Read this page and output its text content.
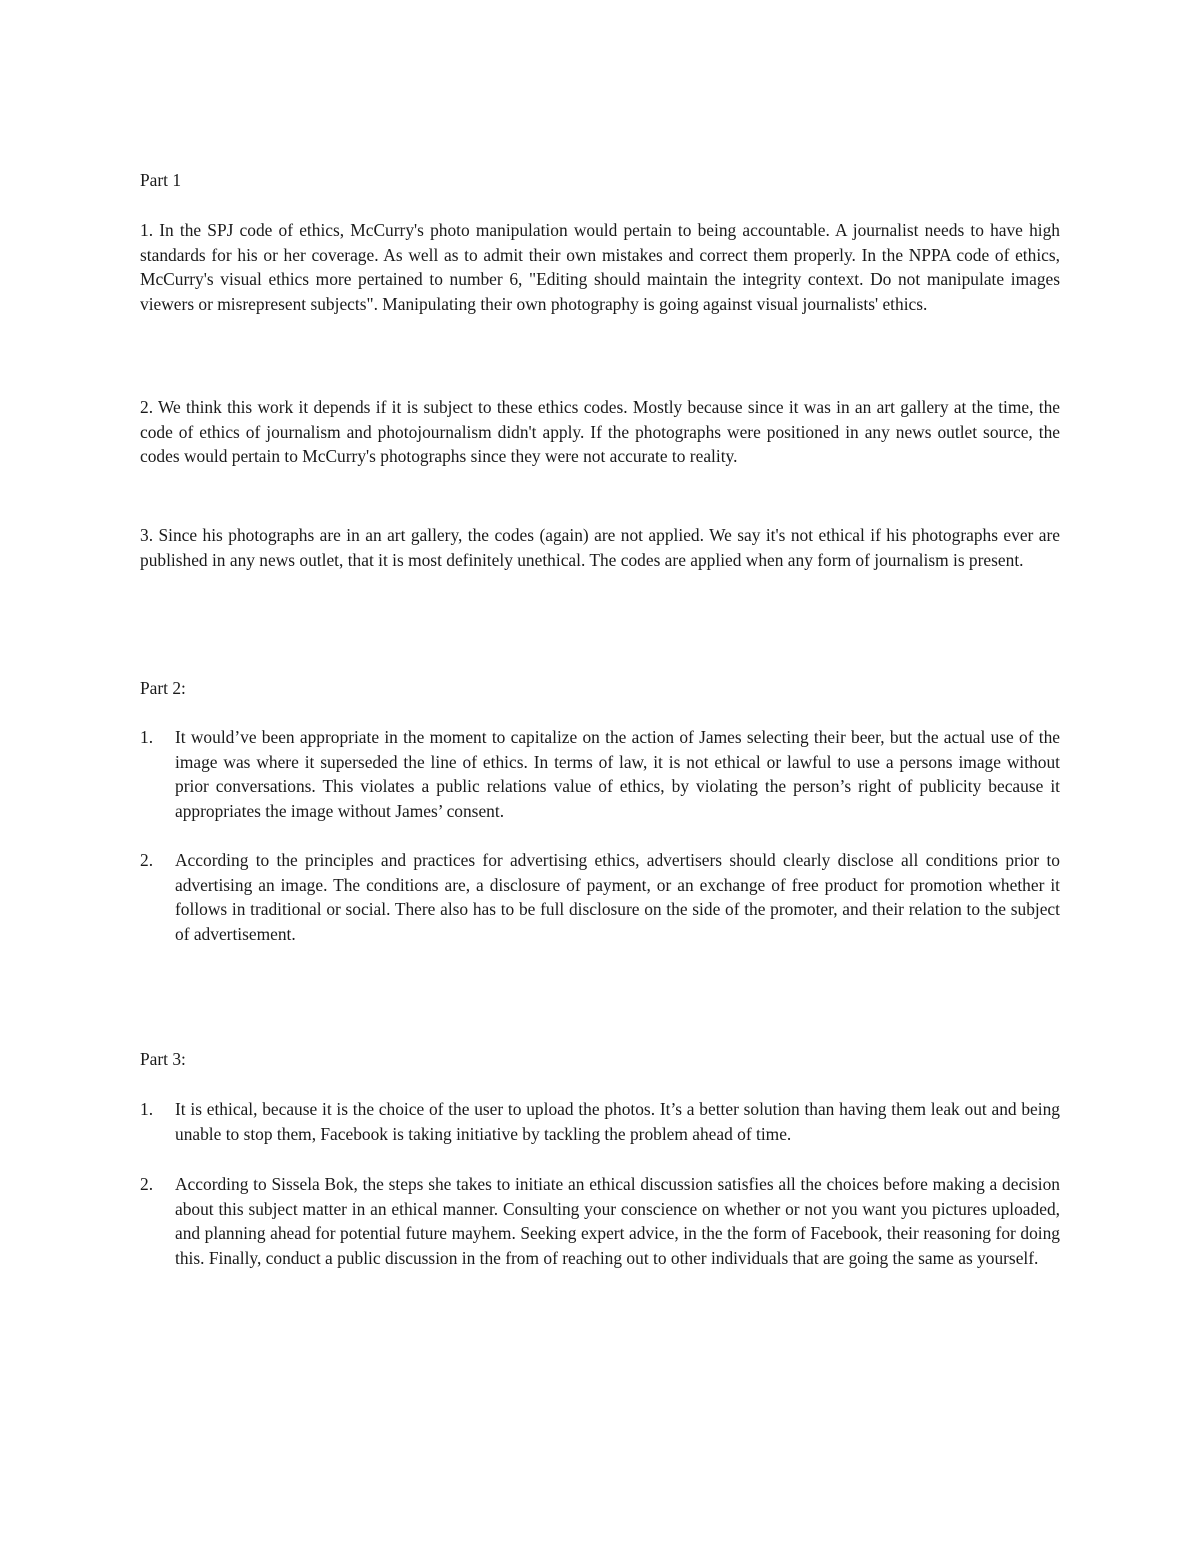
Part 1

1. In the SPJ code of ethics, McCurry's photo manipulation would pertain to being accountable. A journalist needs to have high standards for his or her coverage. As well as to admit their own mistakes and correct them properly. In the NPPA code of ethics, McCurry's visual ethics more pertained to number 6, "Editing should maintain the integrity context. Do not manipulate images viewers or misrepresent subjects". Manipulating their own photography is going against visual journalists' ethics.

2. We think this work it depends if it is subject to these ethics codes. Mostly because since it was in an art gallery at the time, the code of ethics of journalism and photojournalism didn't apply. If the photographs were positioned in any news outlet source, the codes would pertain to McCurry's photographs since they were not accurate to reality.

3. Since his photographs are in an art gallery, the codes (again) are not applied. We say it's not ethical if his photographs ever are published in any news outlet, that it is most definitely unethical. The codes are applied when any form of journalism is present.

Part 2:

1. It would’ve been appropriate in the moment to capitalize on the action of James selecting their beer, but the actual use of the image was where it superseded the line of ethics. In terms of law, it is not ethical or lawful to use a persons image without prior conversations. This violates a public relations value of ethics, by violating the person’s right of publicity because it appropriates the image without James’ consent.

2. According to the principles and practices for advertising ethics, advertisers should clearly disclose all conditions prior to advertising an image. The conditions are, a disclosure of payment, or an exchange of free product for promotion whether it follows in traditional or social. There also has to be full disclosure on the side of the promoter, and their relation to the subject of advertisement.

Part 3:

1. It is ethical, because it is the choice of the user to upload the photos. It’s a better solution than having them leak out and being unable to stop them, Facebook is taking initiative by tackling the problem ahead of time.

2. According to Sissela Bok, the steps she takes to initiate an ethical discussion satisfies all the choices before making a decision about this subject matter in an ethical manner. Consulting your conscience on whether or not you want you pictures uploaded, and planning ahead for potential future mayhem. Seeking expert advice, in the the form of Facebook, their reasoning for doing this. Finally, conduct a public discussion in the from of reaching out to other individuals that are going the same as yourself.
